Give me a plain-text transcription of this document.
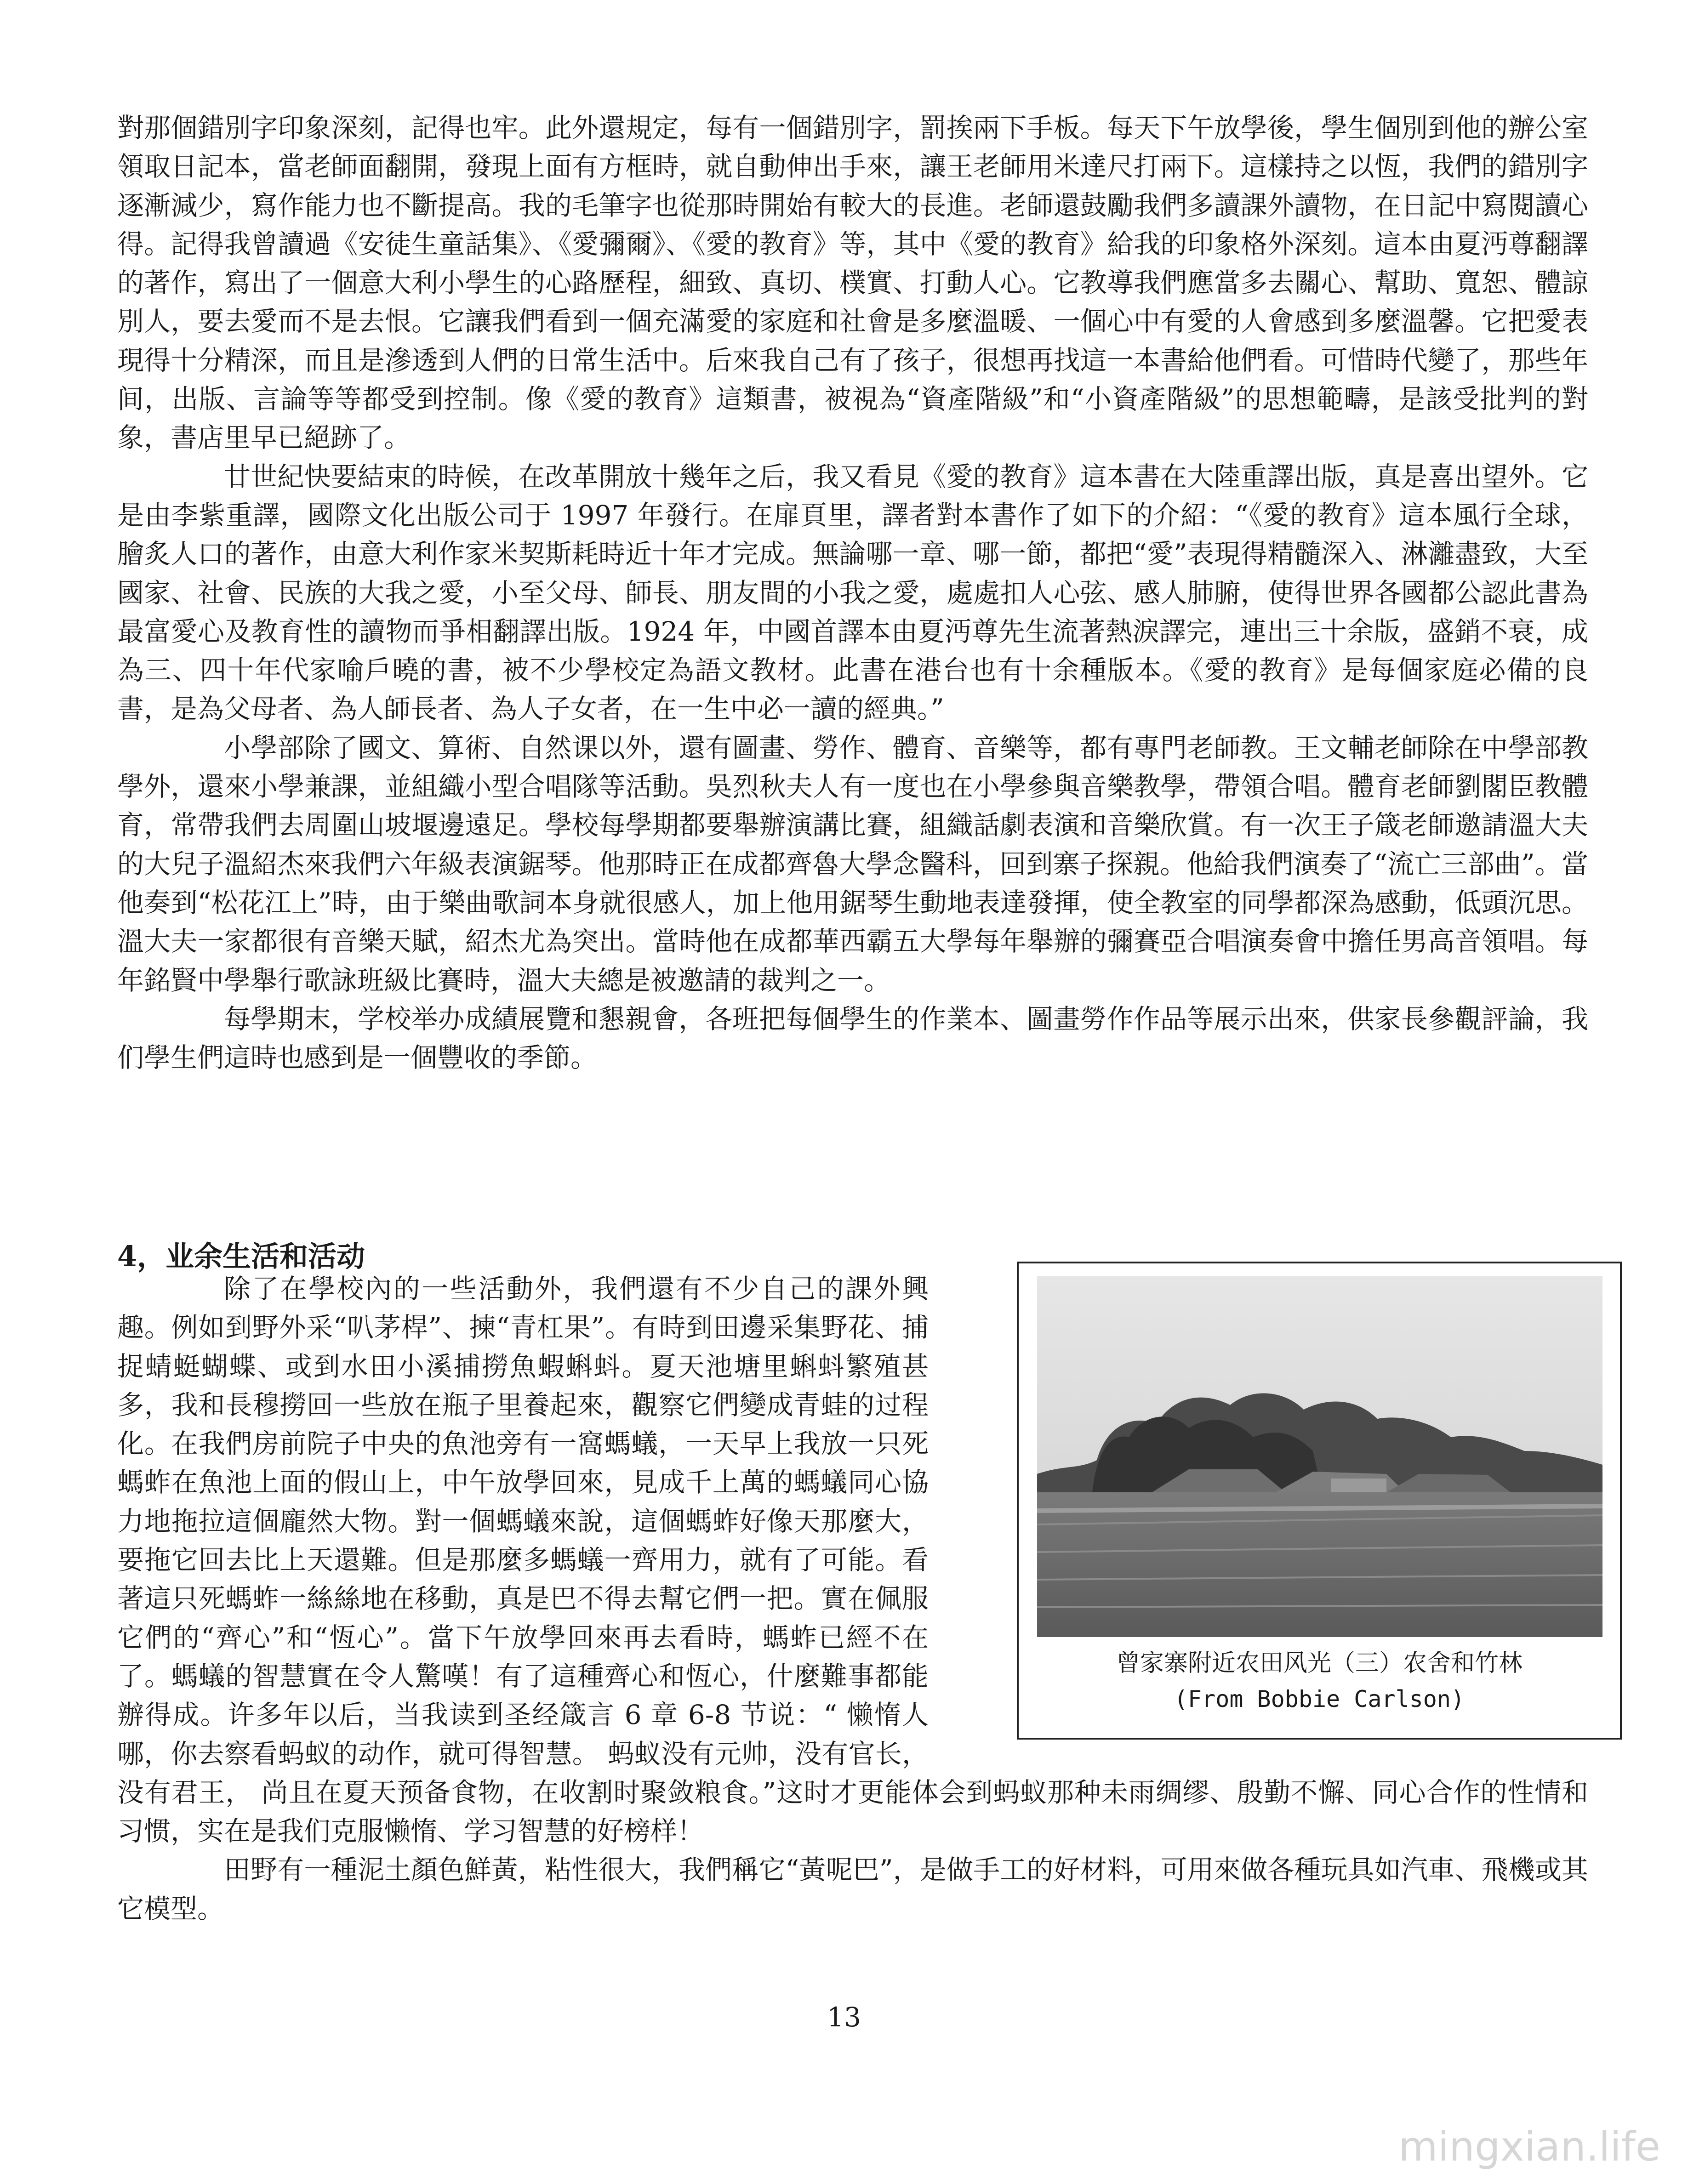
對那個錯別字印象深刻，記得也牢。此外還規定，每有一個錯別字，罰挨兩下手板。每天下午放學後，學生個別到他的辦公室領取日記本，當老師面翻開，發現上面有方框時，就自動伸出手來，讓王老師用米達尺打兩下。這樣持之以恆，我們的錯別字逐漸減少，寫作能力也不斷提高。我的毛筆字也從那時開始有較大的長進。老師還鼓勵我們多讀課外讀物，在日記中寫閱讀心得。記得我曾讀過《安徒生童話集》、《愛彌爾》、《愛的教育》等，其中《愛的教育》給我的印象格外深刻。這本由夏沔尊翻譯的著作，寫出了一個意大利小學生的心路歷程，細致、真切、樸實、打動人心。它教導我們應當多去關心、幫助、寬恕、體諒別人，要去愛而不是去恨。它讓我們看到一個充滿愛的家庭和社會是多麼溫暖、一個心中有愛的人會感到多麼溫馨。它把愛表現得十分精深，而且是滲透到人們的日常生活中。后來我自己有了孩子，很想再找這一本書給他們看。可惜時代變了，那些年间，出版、言論等等都受到控制。像《愛的教育》這類書，被視為“資產階級”和“小資產階級”的思想範疇，是該受批判的對象，書店里早已絕跡了。

廿世紀快要結束的時候，在改革開放十幾年之后，我又看見《愛的教育》這本書在大陸重譯出版，真是喜出望外。它是由李紫重譯，國際文化出版公司于 1997 年發行。在扉頁里，譯者對本書作了如下的介紹：“《愛的教育》這本風行全球，膾炙人口的著作，由意大利作家米契斯耗時近十年才完成。無論哪一章、哪一節，都把“愛”表現得精髓深入、淋灕盡致，大至國家、社會、民族的大我之愛，小至父母、師長、朋友間的小我之愛，處處扣人心弦、感人肺腑，使得世界各國都公認此書為最富愛心及教育性的讀物而爭相翻譯出版。1924 年，中國首譯本由夏沔尊先生流著熱淚譯完，連出三十余版，盛銷不衰，成為三、四十年代家喻戶曉的書，被不少學校定為語文教材。此書在港台也有十余種版本。《愛的教育》是每個家庭必備的良書，是為父母者、為人師長者、為人子女者，在一生中必一讀的經典。”

小學部除了國文、算術、自然课以外，還有圖畫、勞作、體育、音樂等，都有專門老師教。王文輔老師除在中學部教學外，還來小學兼課，並組織小型合唱隊等活動。吳烈秋夫人有一度也在小學參與音樂教學，帶領合唱。體育老師劉閣臣教體育，常帶我們去周圍山坡堰邊遠足。學校每學期都要舉辦演講比賽，組織話劇表演和音樂欣賞。有一次王子箴老師邀請溫大夫的大兒子溫紹杰來我們六年級表演鋸琴。他那時正在成都齊魯大學念醫科，回到寨子探親。他給我們演奏了“流亡三部曲”。當他奏到“松花江上”時，由于樂曲歌詞本身就很感人，加上他用鋸琴生動地表達發揮，使全教室的同學都深為感動，低頭沉思。溫大夫一家都很有音樂天賦，紹杰尤為突出。當時他在成都華西霸五大學每年舉辦的彌賽亞合唱演奏會中擔任男高音領唱。每年銘賢中學舉行歌詠班級比賽時，溫大夫總是被邀請的裁判之一。

每學期末，学校举办成績展覽和懇親會，各班把每個學生的作業本、圖畫勞作作品等展示出來，供家長參觀評論，我们學生們這時也感到是一個豐收的季節。

4，业余生活和活动

除了在學校內的一些活動外，我們還有不少自己的課外興趣。例如到野外采“叭茅桿”、揀“青杠果”。有時到田邊采集野花、捕捉蜻蜓蝴蝶、或到水田小溪捕撈魚蝦蝌蚪。夏天池塘里蝌蚪繁殖甚多，我和長穆撈回一些放在瓶子里養起來，觀察它們變成青蛙的过程化。在我們房前院子中央的魚池旁有一窩螞蟻，一天早上我放一只死螞蚱在魚池上面的假山上，中午放學回來，見成千上萬的螞蟻同心協力地拖拉這個龐然大物。對一個螞蟻來說，這個螞蚱好像天那麼大，要拖它回去比上天還難。但是那麼多螞蟻一齊用力，就有了可能。看著這只死螞蚱一絲絲地在移動，真是巴不得去幫它們一把。實在佩服它們的“齊心”和“恆心”。當下午放學回來再去看時，螞蚱已經不在了。螞蟻的智慧實在令人驚嘆！有了這種齊心和恆心，什麼難事都能辦得成。许多年以后，当我读到圣经箴言 6 章 6-8 节说：“ 懒惰人哪，你去察看蚂蚁的动作，就可得智慧。 蚂蚁没有元帅，没有官长，没有君王， 尚且在夏天预备食物，在收割时聚敛粮食。”这时才更能体会到蚂蚁那种未雨绸缪、殷勤不懈、同心合作的性情和习惯，实在是我们克服懒惰、学习智慧的好榜样！

田野有一種泥土顏色鮮黃，粘性很大，我們稱它“黃呢巴”，是做手工的好材料，可用來做各種玩具如汽車、飛機或其它模型。

曾家寨附近农田风光（三）农舍和竹林
(From Bobbie Carlson)
13
mingxian.life
